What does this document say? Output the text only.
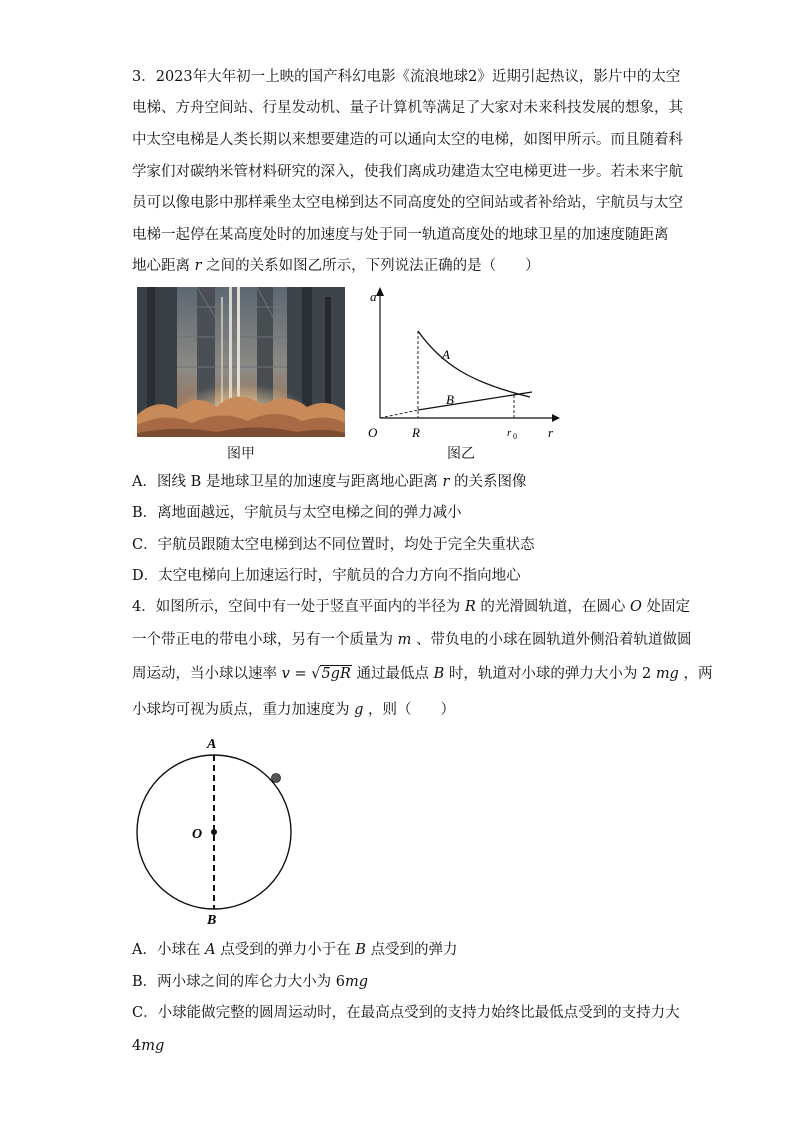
3．2023年大年初一上映的国产科幻电影《流浪地球2》近期引起热议，影片中的太空
电梯、方舟空间站、行星发动机、量子计算机等满足了大家对未来科技发展的想象，其
中太空电梯是人类长期以来想要建造的可以通向太空的电梯，如图甲所示。而且随着科
学家们对碳纳米管材料研究的深入，使我们离成功建造太空电梯更进一步。若未来宇航
员可以像电影中那样乘坐太空电梯到达不同高度处的空间站或者补给站，宇航员与太空
电梯一起停在某高度处时的加速度与处于同一轨道高度处的地球卫星的加速度随距离
地心距离 r 之间的关系如图乙所示，下列说法正确的是（　　）
图甲
a
r
O	R	r 0
A
B
图乙
A．图线 B 是地球卫星的加速度与距离地心距离 r 的关系图像
B．离地面越远，宇航员与太空电梯之间的弹力减小
C．宇航员跟随太空电梯到达不同位置时，均处于完全失重状态
D．太空电梯向上加速运行时，宇航员的合力方向不指向地心
4．如图所示，空间中有一处于竖直平面内的半径为 R 的光滑圆轨道，在圆心 O 处固定
一个带正电的带电小球，另有一个质量为 m 、带负电的小球在圆轨道外侧沿着轨道做圆
周运动，当小球以速率 v = √5gR 通过最低点 B 时，轨道对小球的弹力大小为 2 mg ，两
小球均可视为质点，重力加速度为 g ，则（　　）
A
O
B
A．小球在 A 点受到的弹力小于在 B 点受到的弹力
B．两小球之间的库仑力大小为 6mg
C．小球能做完整的圆周运动时，在最高点受到的支持力始终比最低点受到的支持力大
4mg
